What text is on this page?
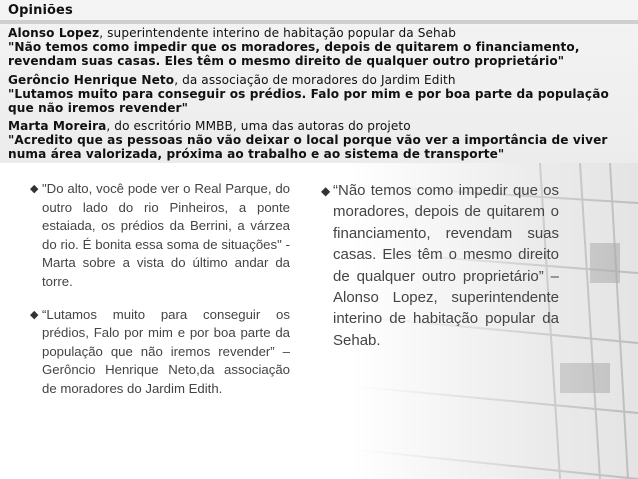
Opiniões
Alonso Lopez, superintendente interino de habitação popular da Sehab
"Não temos como impedir que os moradores, depois de quitarem o financiamento,
revendam suas casas. Eles têm o mesmo direito de qualquer outro proprietário"
Gerôncio Henrique Neto, da associação de moradores do Jardim Edith
"Lutamos muito para conseguir os prédios. Falo por mim e por boa parte da população
que não iremos revender"
Marta Moreira, do escritório MMBB, uma das autoras do projeto
"Acredito que as pessoas não vão deixar o local porque vão ver a importância de viver
numa área valorizada, próxima ao trabalho e ao sistema de transporte"
◆ "Do alto, você pode ver o Real Parque, do outro lado do rio Pinheiros, a ponte estaiada, os prédios da Berrini, a várzea do rio. É bonita essa soma de situações" - Marta sobre a vista do último andar da torre.
◆ “Lutamos muito para conseguir os prédios, Falo por mim e por boa parte da população que não iremos revender” – Gerôncio Henrique Neto,da associação de moradores do Jardim Edith.
◆ “Não temos como impedir que os moradores, depois de quitarem o financiamento, revendam suas casas. Eles têm o mesmo direito de qualquer outro proprietário” – Alonso Lopez, superintendente interino de habitação popular da Sehab.
